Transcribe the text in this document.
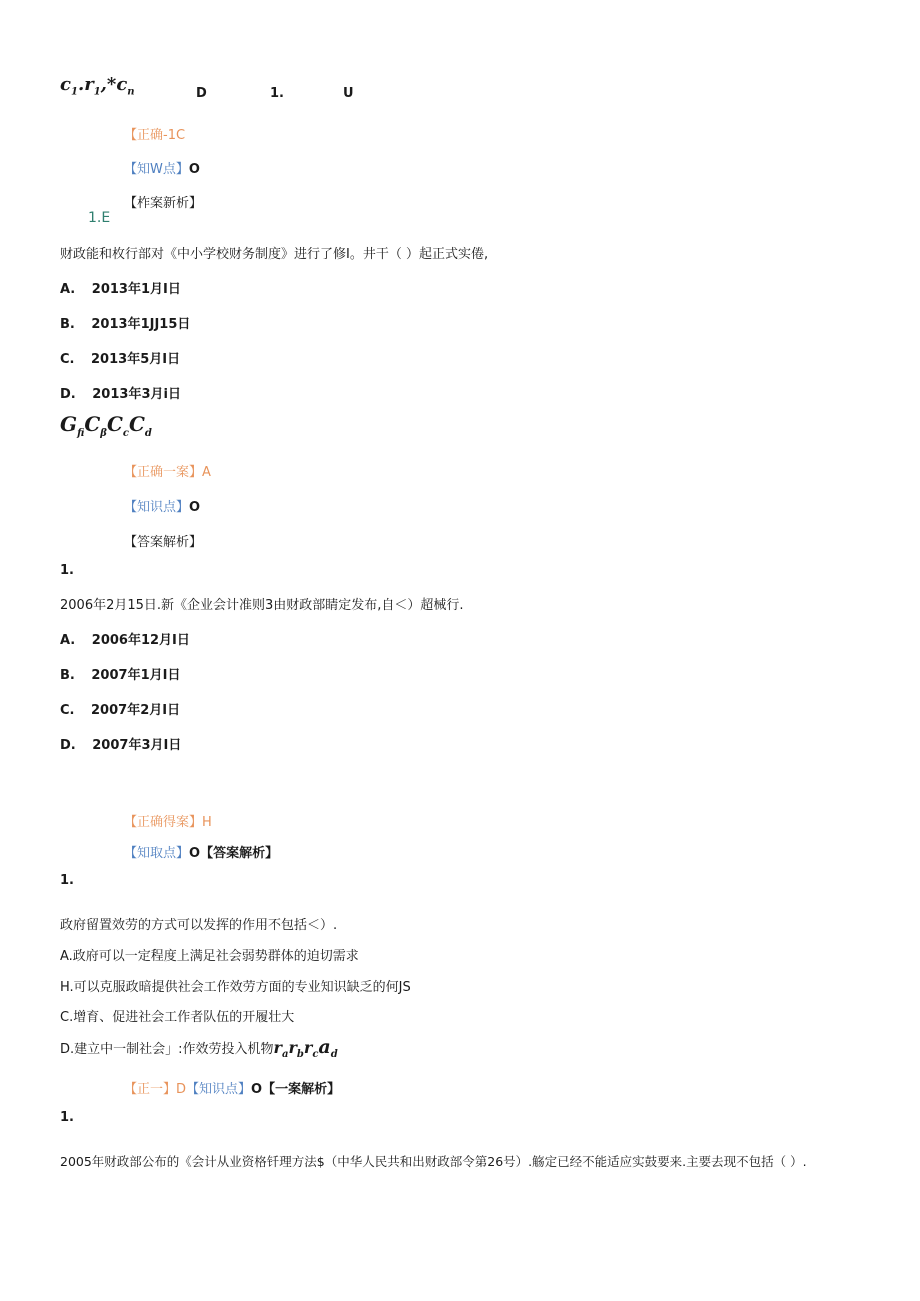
$c_1.r_1,*c_n$	D	1.	U
【正确-1C
【知W点】O
【柞案新析】
1.E
财政能和枚行部对《中小学校财务制度》进行了修I。井干（ ）起正式实倦,
A. 2013年1月I日
B. 2013年1JJ15日
C. 2013年5月I日
D. 2013年3月i日
$G_{fi}C_\beta C_cC_d$
【正确一案】A
【知识点】O
【答案解析】
1.
2006年2月15日.新《企业会计准则3由财政部睛定发布,自＜）超械行.
A. 2006年12月I日
B. 2007年1月I日
C. 2007年2月I日
D. 2007年3月I日
【正确得案】H
【知取点】O【答案解析】
1.
政府留置效劳的方式可以发挥的作用不包括＜）.
A.政府可以一定程度上满足社会弱势群体的迫切需求
H.可以克服政暗提供社会工作效劳方面的专业知识缺乏的何JS
C.增育、促进社会工作者队伍的开履壮大
D.建立中一制社会」:作效劳投入机物$r_ar_br_ca_d$
【正一】D【知识点】O【一案解析】
1.
2005年财政部公布的《会计从业资格钎理方法$（中华人民共和出财政部令第26号）.觞定已经不能适应实鼓要来.主要去现不包括（ ）.
